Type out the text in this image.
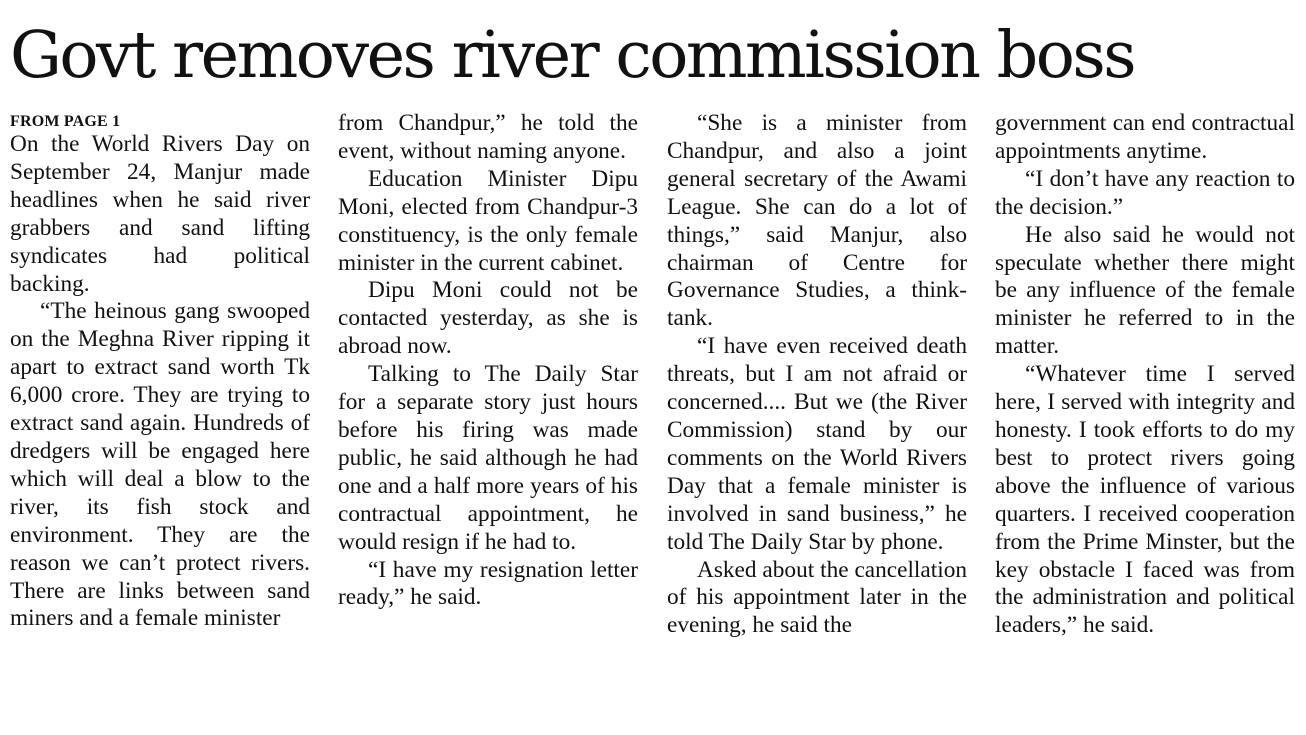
Govt removes river commission boss
FROM PAGE 1

On the World Rivers Day on September 24, Manjur made headlines when he said river grabbers and sand lifting syndicates had political backing.

“The heinous gang swooped on the Meghna River ripping it apart to extract sand worth Tk 6,000 crore. They are trying to extract sand again. Hundreds of dredgers will be engaged here which will deal a blow to the river, its fish stock and environment. They are the reason we can’t protect rivers. There are links between sand miners and a female minister

from Chandpur,” he told the event, without naming anyone.

Education Minister Dipu Moni, elected from Chandpur-3 constituency, is the only female minister in the current cabinet.

Dipu Moni could not be contacted yesterday, as she is abroad now.

Talking to The Daily Star for a separate story just hours before his firing was made public, he said although he had one and a half more years of his contractual appointment, he would resign if he had to.

“I have my resignation letter ready,” he said.

“She is a minister from Chandpur, and also a joint general secretary of the Awami League. She can do a lot of things,” said Manjur, also chairman of Centre for Governance Studies, a think-tank.

“I have even received death threats, but I am not afraid or concerned.... But we (the River Commission) stand by our comments on the World Rivers Day that a female minister is involved in sand business,” he told The Daily Star by phone.

Asked about the cancellation of his appointment later in the evening, he said the

government can end contractual appointments anytime.

“I don’t have any reaction to the decision.”

He also said he would not speculate whether there might be any influence of the female minister he referred to in the matter.

“Whatever time I served here, I served with integrity and honesty. I took efforts to do my best to protect rivers going above the influence of various quarters. I received cooperation from the Prime Minster, but the key obstacle I faced was from the administration and political leaders,” he said.
